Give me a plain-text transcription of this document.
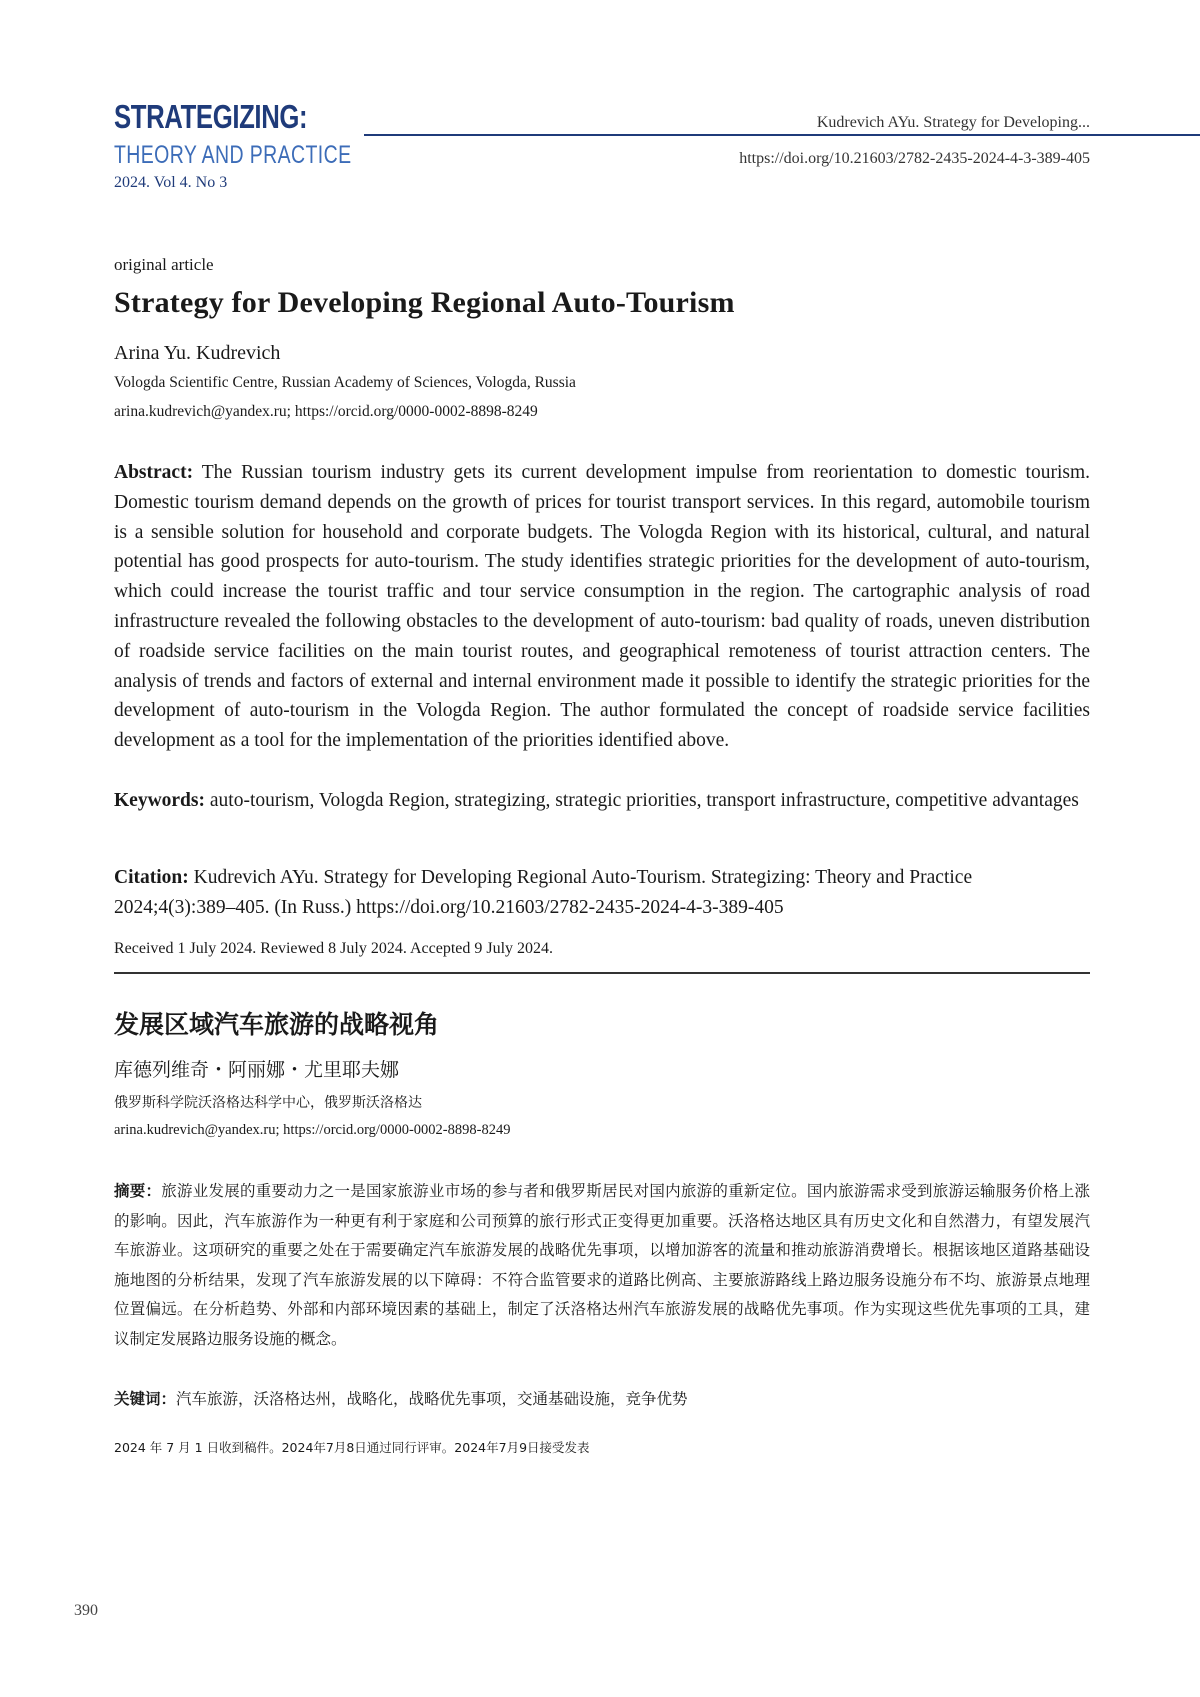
STRATEGIZING:
THEORY AND PRACTICE
2024. Vol 4. No 3
Kudrevich AYu. Strategy for Developing...
https://doi.org/10.21603/2782-2435-2024-4-3-389-405
original article
Strategy for Developing Regional Auto-Tourism
Arina Yu. Kudrevich
Vologda Scientific Centre, Russian Academy of Sciences, Vologda, Russia
arina.kudrevich@yandex.ru; https://orcid.org/0000-0002-8898-8249
Abstract: The Russian tourism industry gets its current development impulse from reorientation to domestic tourism. Domestic tourism demand depends on the growth of prices for tourist transport services. In this regard, automobile tourism is a sensible solution for household and corporate budgets. The Vologda Region with its historical, cultural, and natural potential has good prospects for auto-tourism. The study identifies strategic priorities for the development of auto-tourism, which could increase the tourist traffic and tour service consumption in the region. The cartographic analysis of road infrastructure revealed the following obstacles to the development of auto-tourism: bad quality of roads, uneven distribution of roadside service facilities on the main tourist routes, and geographical remoteness of tourist attraction centers. The analysis of trends and factors of external and internal environment made it possible to identify the strategic priorities for the development of auto-tourism in the Vologda Region. The author formulated the concept of roadside service facilities development as a tool for the implementation of the priorities identified above.
Keywords: auto-tourism, Vologda Region, strategizing, strategic priorities, transport infrastructure, competitive advantages
Citation: Kudrevich AYu. Strategy for Developing Regional Auto-Tourism. Strategizing: Theory and Practice 2024;4(3):389–405. (In Russ.) https://doi.org/10.21603/2782-2435-2024-4-3-389-405
Received 1 July 2024. Reviewed 8 July 2024. Accepted 9 July 2024.
发展区域汽车旅游的战略视角
库德列维奇・阿丽娜・尤里耶夫娜
俄罗斯科学院沃洛格达科学中心，俄罗斯沃洛格达
arina.kudrevich@yandex.ru; https://orcid.org/0000-0002-8898-8249
摘要：旅游业发展的重要动力之一是国家旅游业市场的参与者和俄罗斯居民对国内旅游的重新定位。国内旅游需求受到旅游运输服务价格上涨的影响。因此，汽车旅游作为一种更有利于家庭和公司预算的旅行形式正变得更加重要。沃洛格达地区具有历史文化和自然潜力，有望发展汽车旅游业。这项研究的重要之处在于需要确定汽车旅游发展的战略优先事项，以增加游客的流量和推动旅游消费增长。根据该地区道路基础设施地图的分析结果，发现了汽车旅游发展的以下障碍：不符合监管要求的道路比例高、主要旅游路线上路边服务设施分布不均、旅游景点地理位置偏远。在分析趋势、外部和内部环境因素的基础上，制定了沃洛格达州汽车旅游发展的战略优先事项。作为实现这些优先事项的工具，建议制定发展路边服务设施的概念。
关键词：汽车旅游，沃洛格达州，战略化，战略优先事项，交通基础设施，竞争优势
2024 年 7 月 1 日收到稿件。2024年7月8日通过同行评审。2024年7月9日接受发表
390
